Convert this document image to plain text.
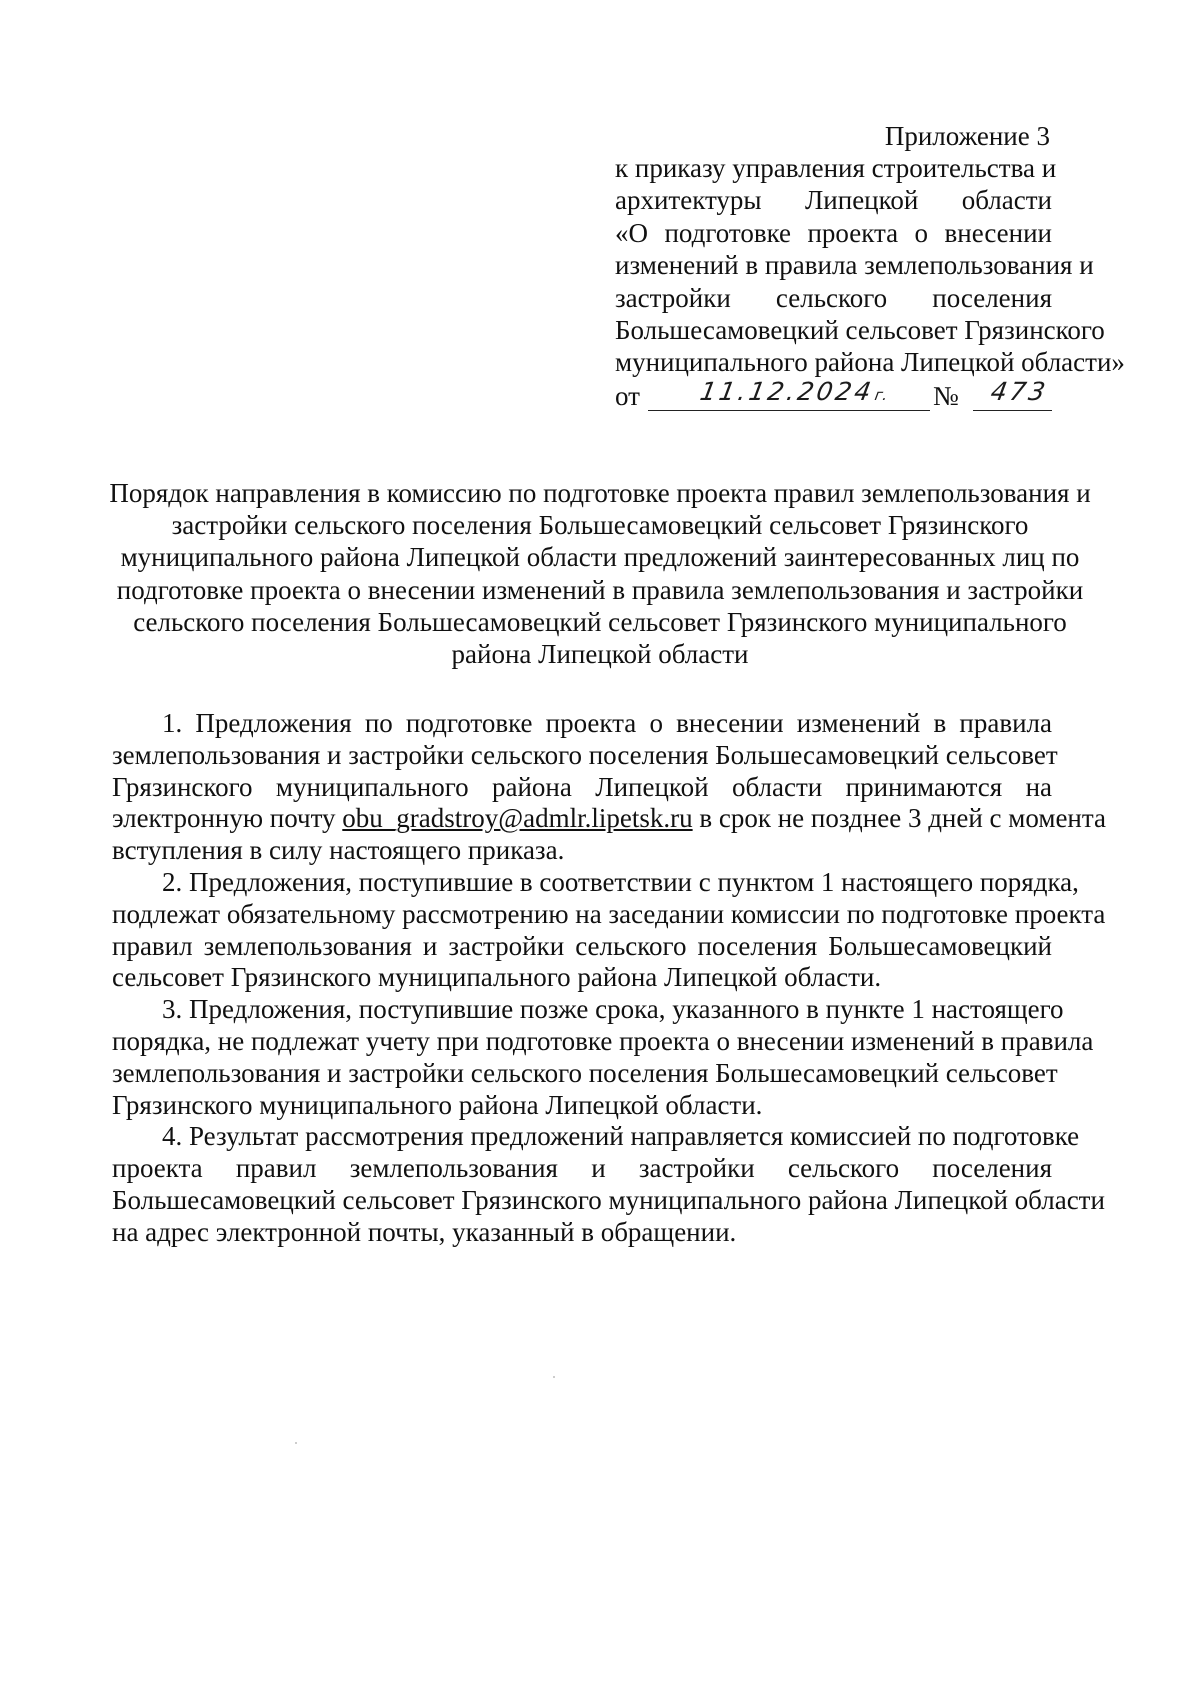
Приложение 3
к приказу управления строительства и
архитектуры Липецкой области
«О подготовке проекта о внесении
изменений в правила землепользования и
застройки сельского поселения
Большесамовецкий сельсовет Грязинского
муниципального района Липецкой области»
от 11.12.2024г. № 473
Порядок направления в комиссию по подготовке проекта правил землепользования и
застройки сельского поселения Большесамовецкий сельсовет Грязинского
муниципального района Липецкой области предложений заинтересованных лиц по
подготовке проекта о внесении изменений в правила землепользования и застройки
сельского поселения Большесамовецкий сельсовет Грязинского муниципального
района Липецкой области
1. Предложения по подготовке проекта о внесении изменений в правила
землепользования и застройки сельского поселения Большесамовецкий сельсовет
Грязинского муниципального района Липецкой области принимаются на
электронную почту obu_gradstroy@admlr.lipetsk.ru в срок не позднее 3 дней с момента
вступления в силу настоящего приказа.
2. Предложения, поступившие в соответствии с пунктом 1 настоящего порядка,
подлежат обязательному рассмотрению на заседании комиссии по подготовке проекта
правил землепользования и застройки сельского поселения Большесамовецкий
сельсовет Грязинского муниципального района Липецкой области.
3. Предложения, поступившие позже срока, указанного в пункте 1 настоящего
порядка, не подлежат учету при подготовке проекта о внесении изменений в правила
землепользования и застройки сельского поселения Большесамовецкий сельсовет
Грязинского муниципального района Липецкой области.
4. Результат рассмотрения предложений направляется комиссией по подготовке
проекта правил землепользования и застройки сельского поселения
Большесамовецкий сельсовет Грязинского муниципального района Липецкой области
на адрес электронной почты, указанный в обращении.
